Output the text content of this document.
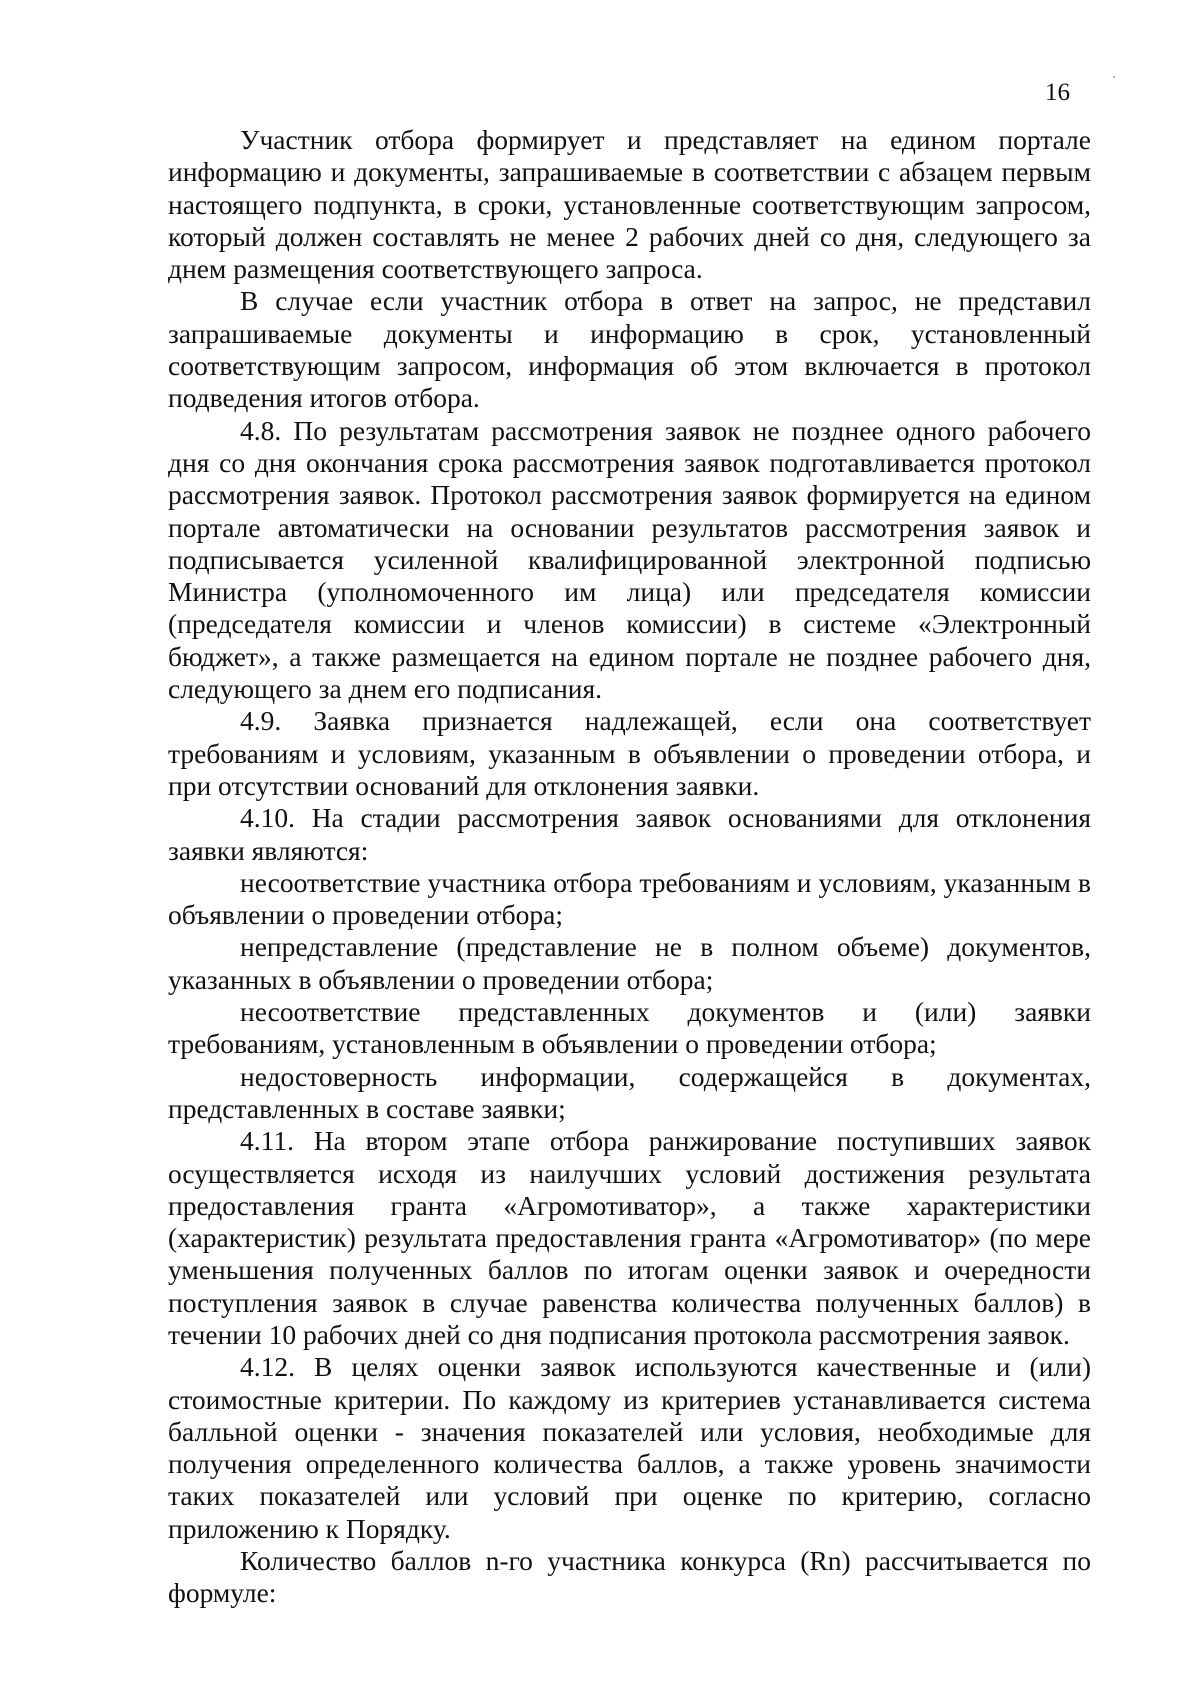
16

Участник отбора формирует и представляет на едином портале информацию и документы, запрашиваемые в соответствии с абзацем первым настоящего подпункта, в сроки, установленные соответствующим запросом, который должен составлять не менее 2 рабочих дней со дня, следующего за днем размещения соответствующего запроса.

В случае если участник отбора в ответ на запрос, не представил запрашиваемые документы и информацию в срок, установленный соответствующим запросом, информация об этом включается в протокол подведения итогов отбора.

4.8. По результатам рассмотрения заявок не позднее одного рабочего дня со дня окончания срока рассмотрения заявок подготавливается протокол рассмотрения заявок. Протокол рассмотрения заявок формируется на едином портале автоматически на основании результатов рассмотрения заявок и подписывается усиленной квалифицированной электронной подписью Министра (уполномоченного им лица) или председателя комиссии (председателя комиссии и членов комиссии) в системе «Электронный бюджет», а также размещается на едином портале не позднее рабочего дня, следующего за днем его подписания.

4.9. Заявка признается надлежащей, если она соответствует требованиям и условиям, указанным в объявлении о проведении отбора, и при отсутствии оснований для отклонения заявки.

4.10. На стадии рассмотрения заявок основаниями для отклонения заявки являются:

несоответствие участника отбора требованиям и условиям, указанным в объявлении о проведении отбора;

непредставление (представление не в полном объеме) документов, указанных в объявлении о проведении отбора;

несоответствие представленных документов и (или) заявки требованиям, установленным в объявлении о проведении отбора;

недостоверность информации, содержащейся в документах, представленных в составе заявки;

4.11. На втором этапе отбора ранжирование поступивших заявок осуществляется исходя из наилучших условий достижения результата предоставления гранта «Агромотиватор», а также характеристики (характеристик) результата предоставления гранта «Агромотиватор» (по мере уменьшения полученных баллов по итогам оценки заявок и очередности поступления заявок в случае равенства количества полученных баллов) в течении 10 рабочих дней со дня подписания протокола рассмотрения заявок.

4.12. В целях оценки заявок используются качественные и (или) стоимостные критерии. По каждому из критериев устанавливается система балльной оценки - значения показателей или условия, необходимые для получения определенного количества баллов, а также уровень значимости таких показателей или условий при оценке по критерию, согласно приложению к Порядку.

Количество баллов n-го участника конкурса (Rn) рассчитывается по формуле:
